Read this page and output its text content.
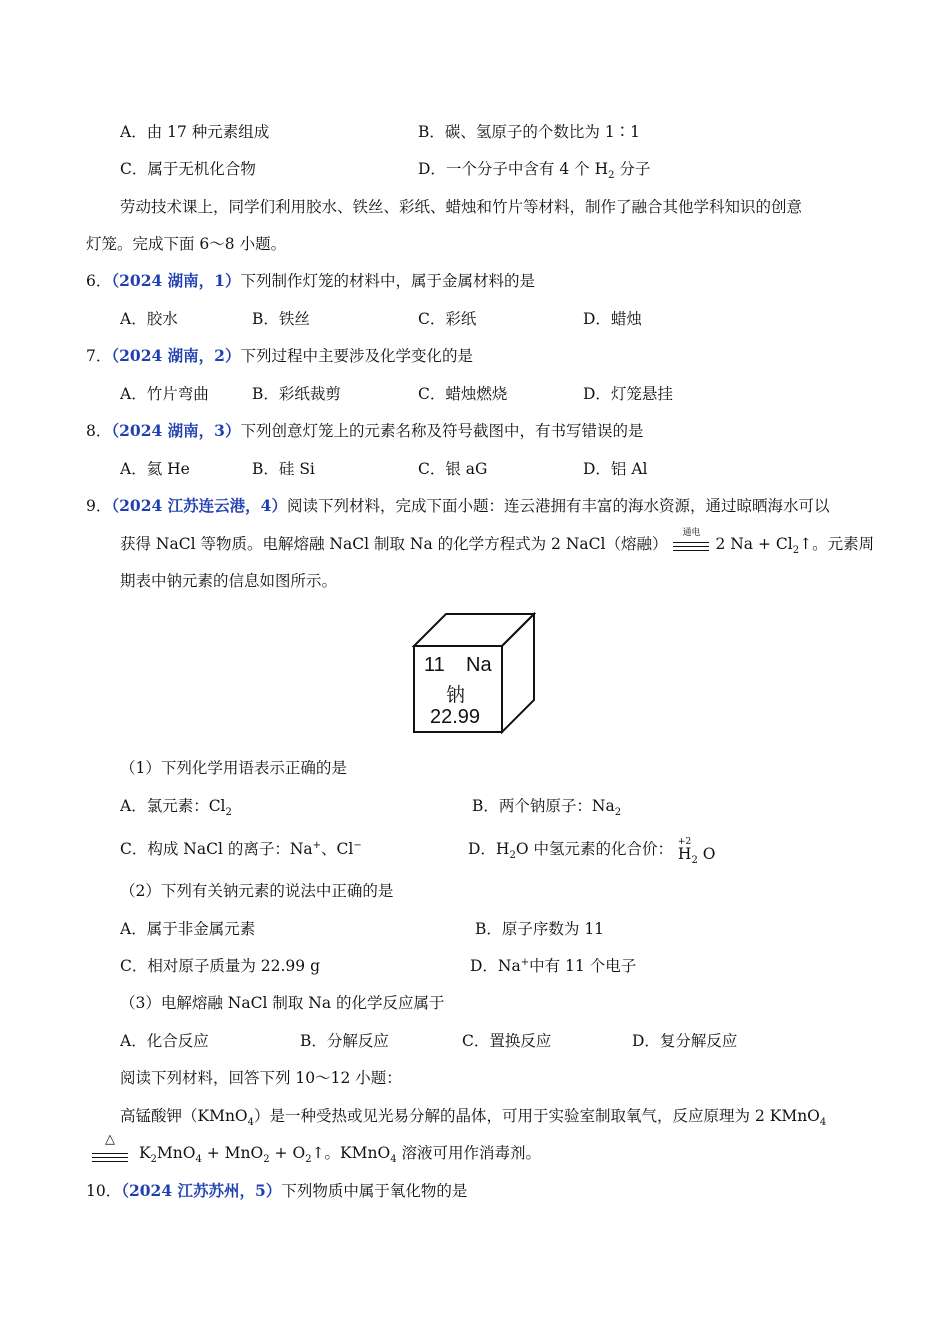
A．由 17 种元素组成	B．碳、氢原子的个数比为 1∶1
C．属于无机化合物	D．一个分子中含有 4 个 $H_2$ 分子
劳动技术课上，同学们利用胶水、铁丝、彩纸、蜡烛和竹片等材料，制作了融合其他学科知识的创意
灯笼。完成下面 6～8 小题。
6．（2024 湖南，1）下列制作灯笼的材料中，属于金属材料的是
A．胶水	B．铁丝	C．彩纸	D．蜡烛
7．（2024 湖南，2）下列过程中主要涉及化学变化的是
A．竹片弯曲	B．彩纸裁剪	C．蜡烛燃烧	D．灯笼悬挂
8．（2024 湖南，3）下列创意灯笼上的元素名称及符号截图中，有书写错误的是
A．氦 He	B．硅 Si	C．银 aG	D．铝 Al
9．（2024 江苏连云港，4）阅读下列材料，完成下面小题：连云港拥有丰富的海水资源，通过晾晒海水可以
获得 NaCl 等物质。电解熔融 NaCl 制取 Na 的化学方程式为 2 NaCl（熔融）
通电
2 $Na + Cl_2↑$。元素周
期表中钠元素的信息如图所示。
11 Na
钠
22.99
（1）下列化学用语表示正确的是
A．氯元素：$Cl_2$	B．两个钠原子：$Na_2$
C．构成 NaCl 的离子：Na+、Cl−	D．$H_2O$ 中氢元素的化合价： +2
$H_2$ O
（2）下列有关钠元素的说法中正确的是
A．属于非金属元素	B．原子序数为 11
C．相对原子质量为 22.99 g	D．Na+中有 11 个电子
（3）电解熔融 NaCl 制取 Na 的化学反应属于
A．化合反应	B．分解反应	C．置换反应	D．复分解反应
阅读下列材料，回答下列 10～12 小题：
高锰酸钾（KMnO$_4$）是一种受热或见光易分解的晶体，可用于实验室制取氧气，反应原理为 2 KMnO$_4$
△
$K_2MnO_4 + MnO_2$ + $O_2↑$。KMnO$_4$ 溶液可用作消毒剂。
10．（2024 江苏苏州，5）下列物质中属于氧化物的是
